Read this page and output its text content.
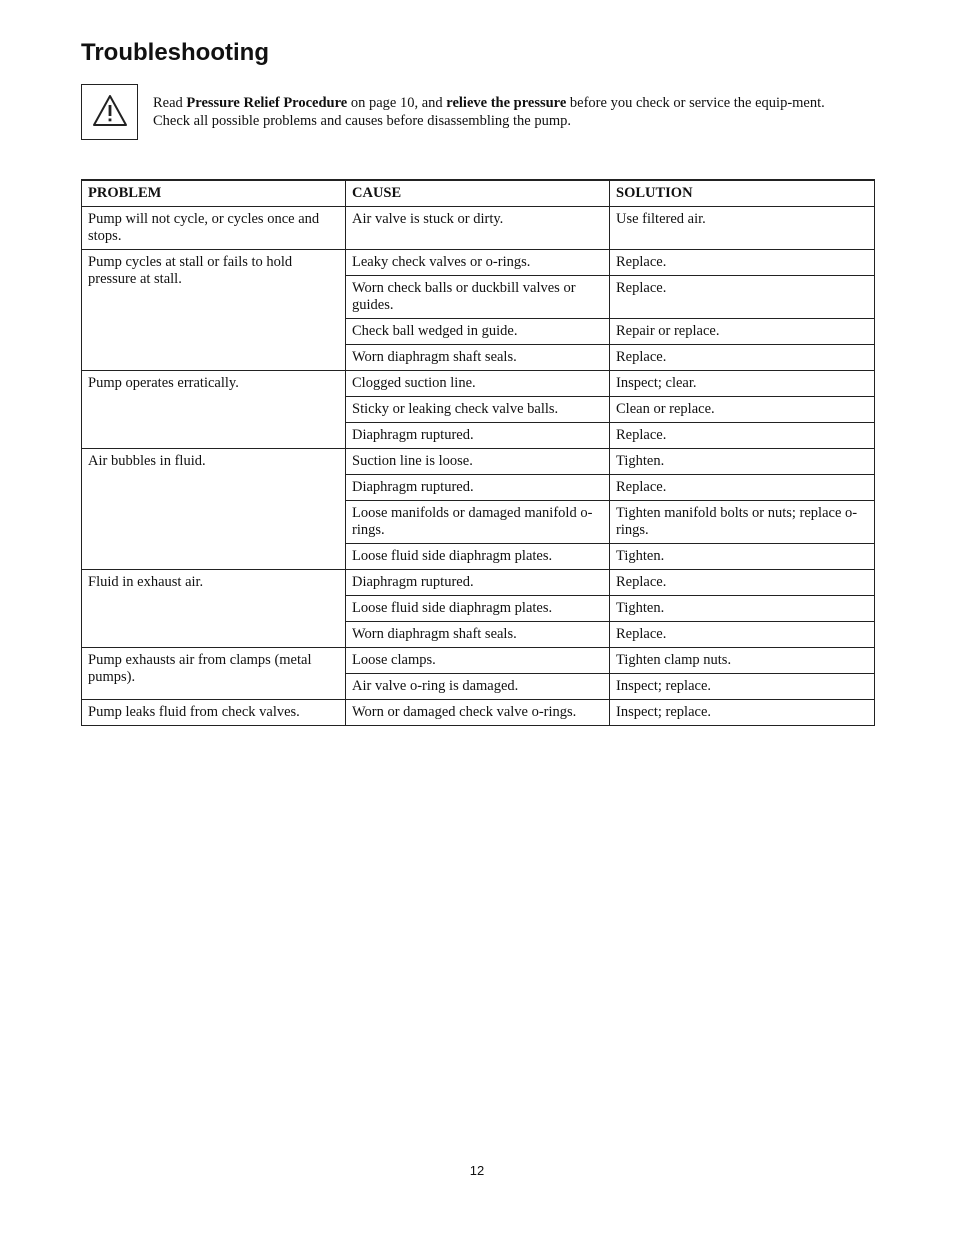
Troubleshooting

Read Pressure Relief Procedure on page 10, and relieve the pressure before you check or service the equip-ment. Check all possible problems and causes before disassembling the pump.

PROBLEM	CAUSE	SOLUTION
Pump will not cycle, or cycles once and stops.	Air valve is stuck or dirty.	Use filtered air.
Pump cycles at stall or fails to hold pressure at stall.	Leaky check valves or o-rings.	Replace.
	Worn check balls or duckbill valves or guides.	Replace.
	Check ball wedged in guide.	Repair or replace.
	Worn diaphragm shaft seals.	Replace.
Pump operates erratically.	Clogged suction line.	Inspect; clear.
	Sticky or leaking check valve balls.	Clean or replace.
	Diaphragm ruptured.	Replace.
Air bubbles in fluid.	Suction line is loose.	Tighten.
	Diaphragm ruptured.	Replace.
	Loose manifolds or damaged manifold o-rings.	Tighten manifold bolts or nuts; replace o-rings.
	Loose fluid side diaphragm plates.	Tighten.
Fluid in exhaust air.	Diaphragm ruptured.	Replace.
	Loose fluid side diaphragm plates.	Tighten.
	Worn diaphragm shaft seals.	Replace.
Pump exhausts air from clamps (metal pumps).	Loose clamps.	Tighten clamp nuts.
	Air valve o-ring is damaged.	Inspect; replace.
Pump leaks fluid from check valves.	Worn or damaged check valve o-rings.	Inspect; replace.
12
